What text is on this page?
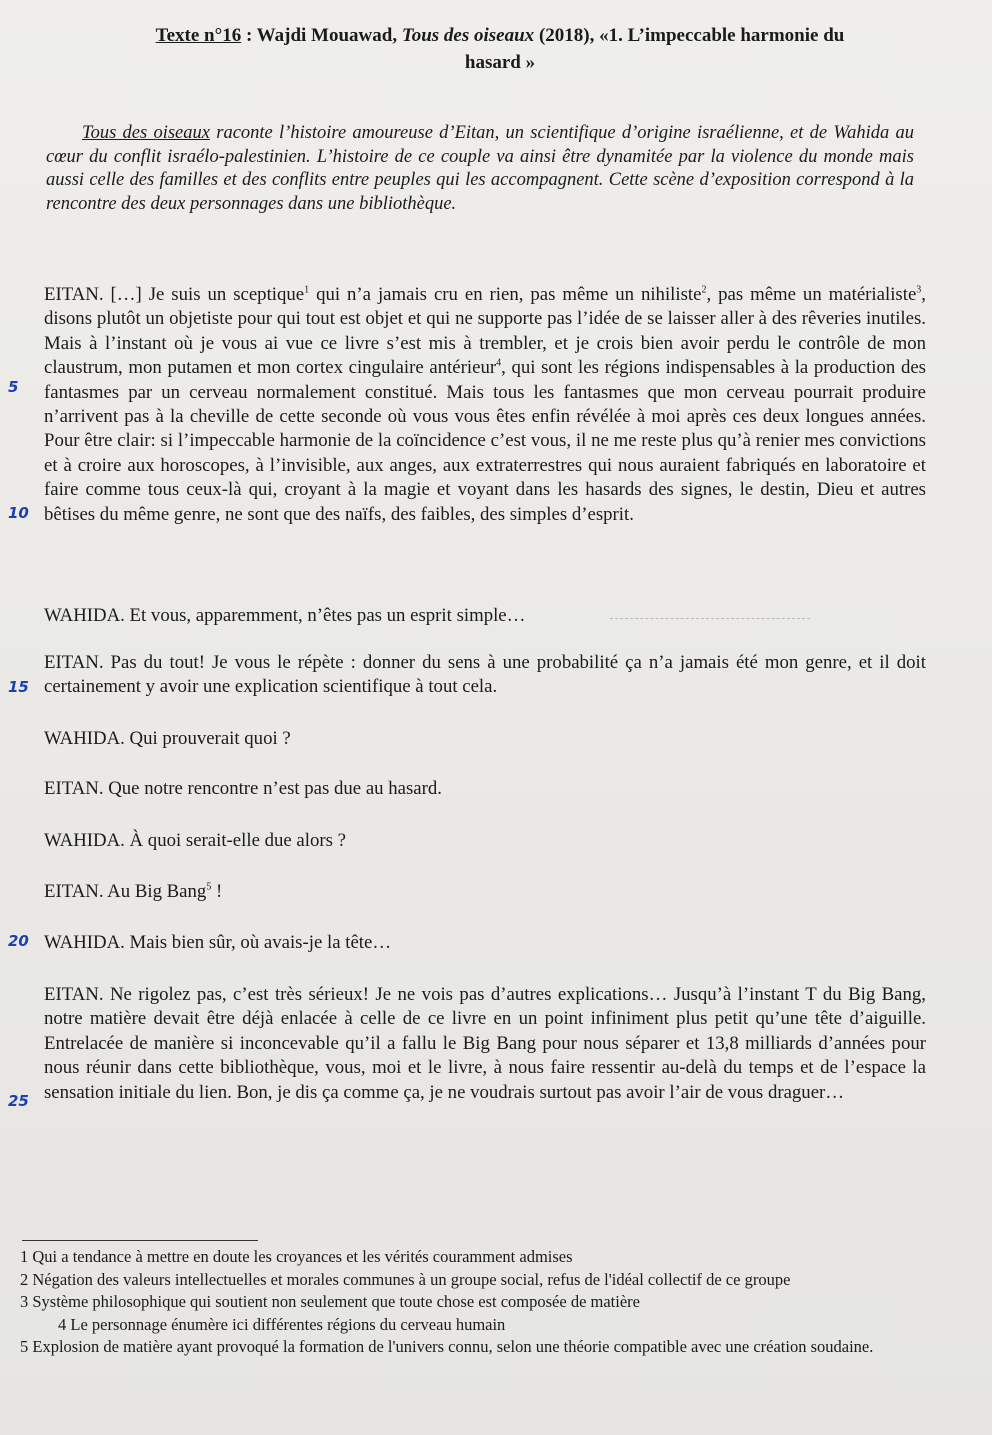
Texte n°16 : Wajdi Mouawad, Tous des oiseaux (2018), «1. L’impeccable harmonie du
hasard »
Tous des oiseaux raconte l’histoire amoureuse d’Eitan, un scientifique d’origine israélienne, et de Wahida au cœur du conflit israélo-palestinien. L’histoire de ce couple va ainsi être dynamitée par la violence du monde mais aussi celle des familles et des conflits entre peuples qui les accompagnent. Cette scène d’exposition correspond à la rencontre des deux personnages dans une bibliothèque.
5
10
15
20
25
EITAN. […] Je suis un sceptique$^1$ qui n’a jamais cru en rien, pas même un nihiliste$^2$, pas même un matérialiste$^3$, disons plutôt un objetiste pour qui tout est objet et qui ne supporte pas l’idée de se laisser aller à des rêveries inutiles. Mais à l’instant où je vous ai vue ce livre s’est mis à trembler, et je crois bien avoir perdu le contrôle de mon claustrum, mon putamen et mon cortex cingulaire antérieur$^4$, qui sont les régions indispensables à la production des fantasmes par un cerveau normalement constitué. Mais tous les fantasmes que mon cerveau pourrait produire n’arrivent pas à la cheville de cette seconde où vous vous êtes enfin révélée à moi après ces deux longues années. Pour être clair: si l’impeccable harmonie de la coïncidence c’est vous, il ne me reste plus qu’à renier mes convictions et à croire aux horoscopes, à l’invisible, aux anges, aux extraterrestres qui nous auraient fabriqués en laboratoire et faire comme tous ceux-là qui, croyant à la magie et voyant dans les hasards des signes, le destin, Dieu et autres bêtises du même genre, ne sont que des naïfs, des faibles, des simples d’esprit.
WAHIDA. Et vous, apparemment, n’êtes pas un esprit simple…
EITAN. Pas du tout! Je vous le répète : donner du sens à une probabilité ça n’a jamais été mon genre, et il doit certainement y avoir une explication scientifique à tout cela.
WAHIDA. Qui prouverait quoi ?
EITAN. Que notre rencontre n’est pas due au hasard.
WAHIDA. À quoi serait-elle due alors ?
EITAN. Au Big Bang$^5$ !
WAHIDA. Mais bien sûr, où avais-je la tête…
EITAN. Ne rigolez pas, c’est très sérieux! Je ne vois pas d’autres explications… Jusqu’à l’instant T du Big Bang, notre matière devait être déjà enlacée à celle de ce livre en un point infiniment plus petit qu’une tête d’aiguille. Entrelacée de manière si inconcevable qu’il a fallu le Big Bang pour nous séparer et 13,8 milliards d’années pour nous réunir dans cette bibliothèque, vous, moi et le livre, à nous faire ressentir au-delà du temps et de l’espace la sensation initiale du lien. Bon, je dis ça comme ça, je ne voudrais surtout pas avoir l’air de vous draguer…
1 Qui a tendance à mettre en doute les croyances et les vérités couramment admises
2 Négation des valeurs intellectuelles et morales communes à un groupe social, refus de l'idéal collectif de ce groupe
3 Système philosophique qui soutient non seulement que toute chose est composée de matière
4 Le personnage énumère ici différentes régions du cerveau humain
5 Explosion de matière ayant provoqué la formation de l'univers connu, selon une théorie compatible avec une création soudaine.
